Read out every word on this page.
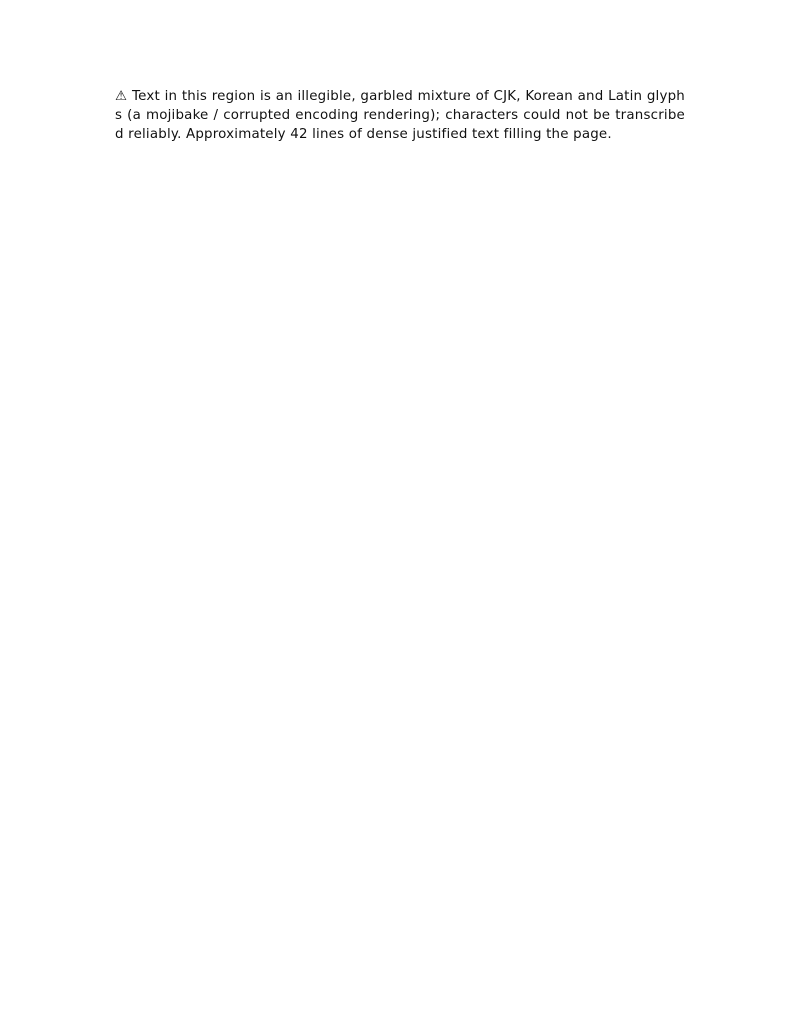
⚠ Text in this region is an illegible, garbled mixture of CJK, Korean and Latin glyphs (a mojibake / corrupted encoding rendering); characters could not be transcribed reliably. Approximately 42 lines of dense justified text filling the page.
